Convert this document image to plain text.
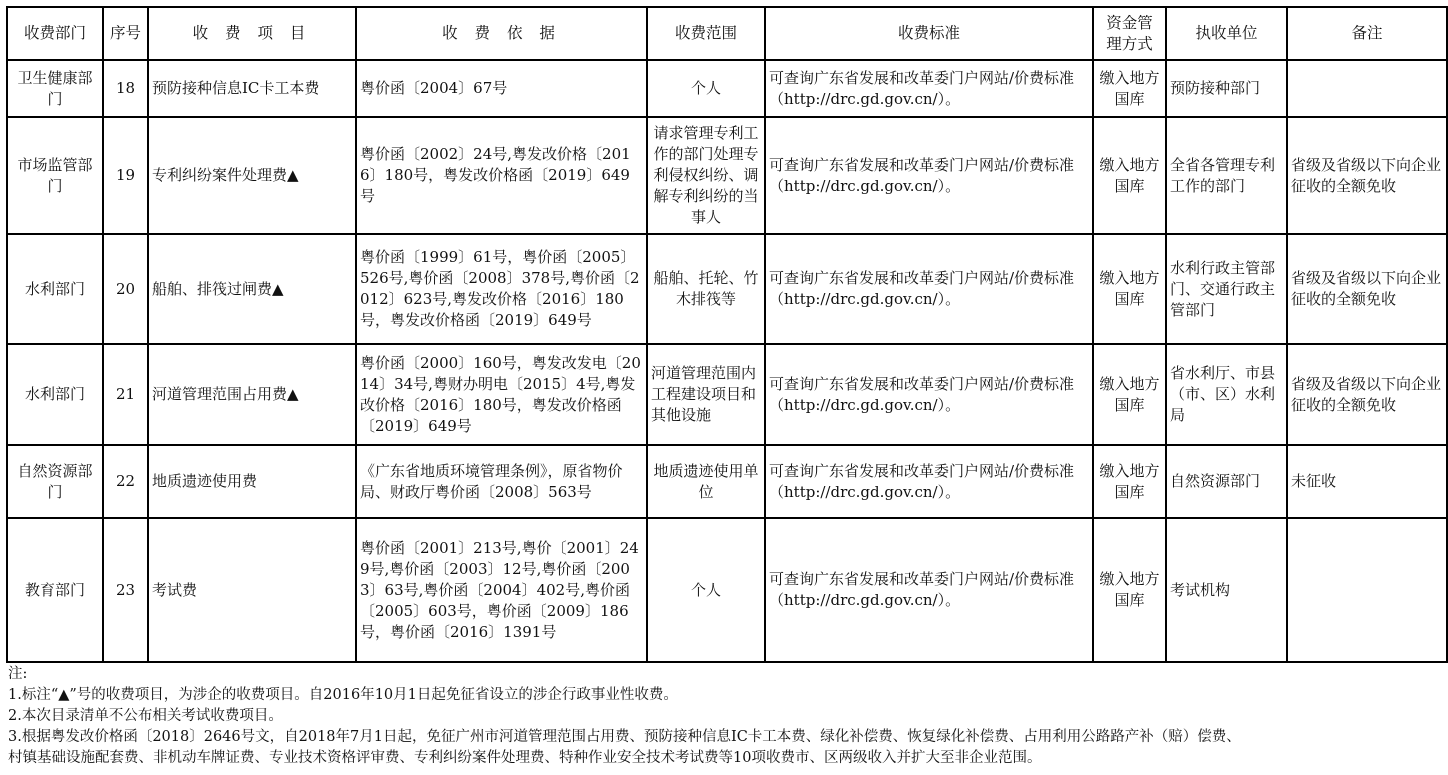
收费部门	序号	收 费 项 目	收 费 依 据	收费范围	收费标准	资金管理方式	执收单位	备注
卫生健康部门	18	预防接种信息IC卡工本费	粤价函〔2004〕67号	个人	可查询广东省发展和改革委门户网站/价费标准（http://drc.gd.gov.cn/）。	缴入地方国库	预防接种部门	
市场监管部门	19	专利纠纷案件处理费▲	粤价函〔2002〕24号,粤发改价格〔2016〕180号，粤发改价格函〔2019〕649号	请求管理专利工作的部门处理专利侵权纠纷、调解专利纠纷的当事人	可查询广东省发展和改革委门户网站/价费标准（http://drc.gd.gov.cn/）。	缴入地方国库	全省各管理专利工作的部门	省级及省级以下向企业征收的全额免收
水利部门	20	船舶、排筏过闸费▲	粤价函〔1999〕61号，粤价函〔2005〕526号,粤价函〔2008〕378号,粤价函〔2012〕623号,粤发改价格〔2016〕180号，粤发改价格函〔2019〕649号	船舶、托轮、竹木排筏等	可查询广东省发展和改革委门户网站/价费标准（http://drc.gd.gov.cn/）。	缴入地方国库	水利行政主管部门、交通行政主管部门	省级及省级以下向企业征收的全额免收
水利部门	21	河道管理范围占用费▲	粤价函〔2000〕160号，粤发改发电〔2014〕34号,粤财办明电〔2015〕4号,粤发改价格〔2016〕180号，粤发改价格函〔2019〕649号	河道管理范围内工程建设项目和其他设施	可查询广东省发展和改革委门户网站/价费标准（http://drc.gd.gov.cn/）。	缴入地方国库	省水利厅、市县（市、区）水利局	省级及省级以下向企业征收的全额免收
自然资源部门	22	地质遗迹使用费	《广东省地质环境管理条例》，原省物价局、财政厅粤价函〔2008〕563号	地质遗迹使用单位	可查询广东省发展和改革委门户网站/价费标准（http://drc.gd.gov.cn/）。	缴入地方国库	自然资源部门	未征收
教育部门	23	考试费	粤价函〔2001〕213号,粤价〔2001〕249号,粤价函〔2003〕12号,粤价函〔2003〕63号,粤价函〔2004〕402号,粤价函〔2005〕603号，粤价函〔2009〕186号，粤价函〔2016〕1391号	个人	可查询广东省发展和改革委门户网站/价费标准（http://drc.gd.gov.cn/）。	缴入地方国库	考试机构	
注:
1.标注“▲”号的收费项目，为涉企的收费项目。自2016年10月1日起免征省设立的涉企行政事业性收费。
2.本次目录清单不公布相关考试收费项目。
3.根据粤发改价格函〔2018〕2646号文，自2018年7月1日起，免征广州市河道管理范围占用费、预防接种信息IC卡工本费、绿化补偿费、恢复绿化补偿费、占用利用公路路产补（赔）偿费、
村镇基础设施配套费、非机动车牌证费、专业技术资格评审费、专利纠纷案件处理费、特种作业安全技术考试费等10项收费市、区两级收入并扩大至非企业范围。
